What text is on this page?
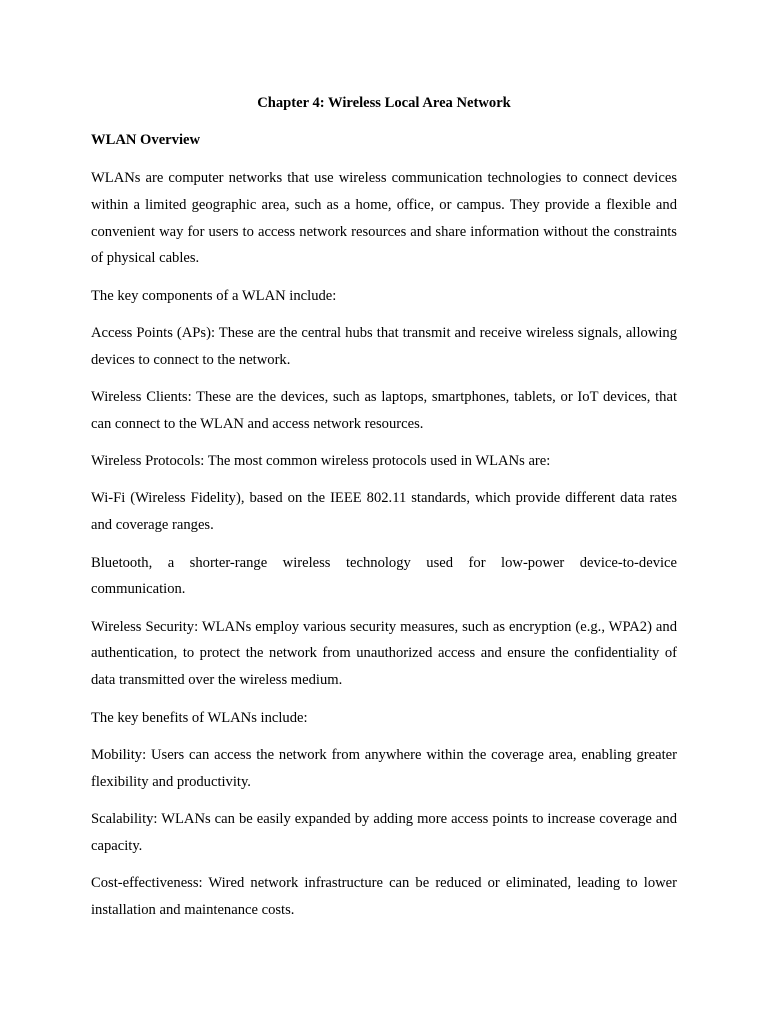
Chapter 4: Wireless Local Area Network
WLAN Overview

WLANs are computer networks that use wireless communication technologies to connect devices within a limited geographic area, such as a home, office, or campus. They provide a flexible and convenient way for users to access network resources and share information without the constraints of physical cables.

The key components of a WLAN include:

Access Points (APs): These are the central hubs that transmit and receive wireless signals, allowing devices to connect to the network.

Wireless Clients: These are the devices, such as laptops, smartphones, tablets, or IoT devices, that can connect to the WLAN and access network resources.

Wireless Protocols: The most common wireless protocols used in WLANs are:

Wi-Fi (Wireless Fidelity), based on the IEEE 802.11 standards, which provide different data rates and coverage ranges.

Bluetooth, a shorter-range wireless technology used for low-power device-to-device communication.

Wireless Security: WLANs employ various security measures, such as encryption (e.g., WPA2) and authentication, to protect the network from unauthorized access and ensure the confidentiality of data transmitted over the wireless medium.

The key benefits of WLANs include:

Mobility: Users can access the network from anywhere within the coverage area, enabling greater flexibility and productivity.

Scalability: WLANs can be easily expanded by adding more access points to increase coverage and capacity.

Cost-effectiveness: Wired network infrastructure can be reduced or eliminated, leading to lower installation and maintenance costs.
